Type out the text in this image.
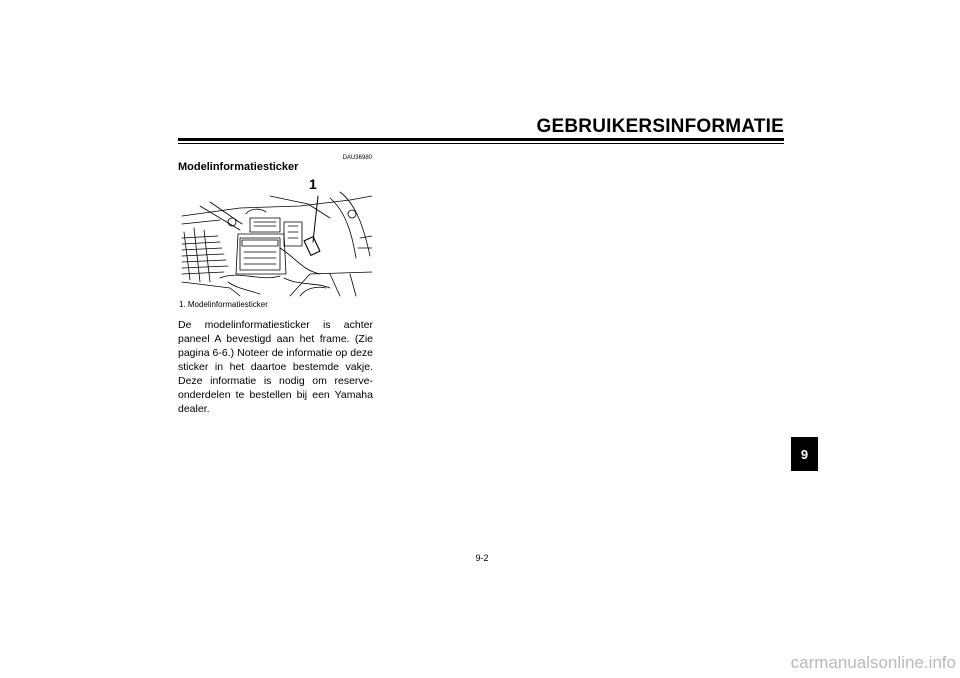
GEBRUIKERSINFORMATIE
DAU36980
Modelinformatiesticker
1
1. Modelinformatiesticker

De modelinformatiesticker is achter paneel A bevestigd aan het frame. (Zie pagina 6-6.) Noteer de informatie op deze sticker in het daartoe bestemde vakje. Deze informatie is nodig om reserve-onderdelen te bestellen bij een Yamaha dealer.

9
9-2
carmanualsonline.info
